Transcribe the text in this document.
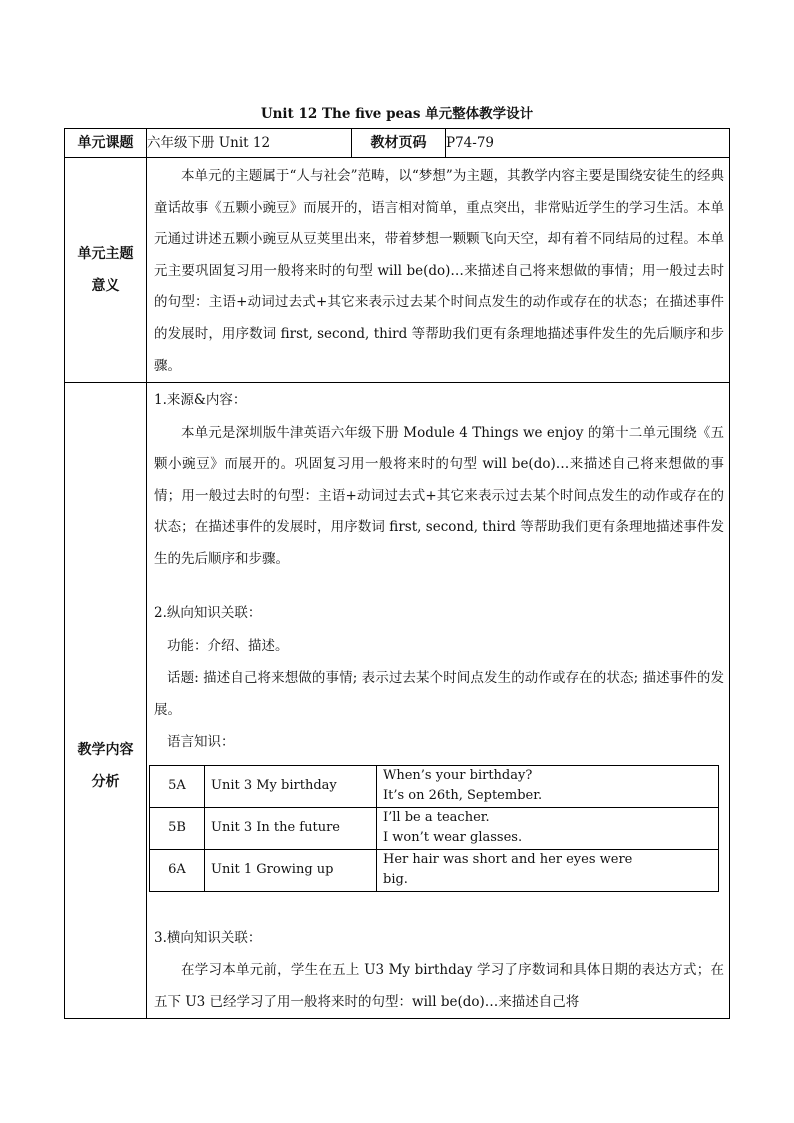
Unit 12 The five peas 单元整体教学设计
单元课题	六年级下册 Unit 12	教材页码	P74-79

单元主题
意义

本单元的主题属于“人与社会”范畴，以“梦想”为主题，其教学内容主要是围绕安徒生的经典童话故事《五颗小豌豆》而展开的，语言相对简单，重点突出，非常贴近学生的学习生活。本单元通过讲述五颗小豌豆从豆荚里出来，带着梦想一颗颗飞向天空，却有着不同结局的过程。本单元主要巩固复习用一般将来时的句型 will be(do)…来描述自己将来想做的事情；用一般过去时的句型：主语+动词过去式+其它来表示过去某个时间点发生的动作或存在的状态；在描述事件的发展时，用序数词 first, second, third 等帮助我们更有条理地描述事件发生的先后顺序和步骤。

教学内容
分析

1.来源&内容：
本单元是深圳版牛津英语六年级下册 Module 4 Things we enjoy 的第十二单元围绕《五颗小豌豆》而展开的。巩固复习用一般将来时的句型 will be(do)…来描述自己将来想做的事情；用一般过去时的句型：主语+动词过去式+其它来表示过去某个时间点发生的动作或存在的状态；在描述事件的发展时，用序数词 first, second, third 等帮助我们更有条理地描述事件发生的先后顺序和步骤。
2.纵向知识关联：
功能：介绍、描述。
话题: 描述自己将来想做的事情; 表示过去某个时间点发生的动作或存在的状态; 描述事件的发展。
语言知识：
5A	Unit 3 My birthday	
When’s your birthday?
It’s on 26th, September.

5B	Unit 3 In the future	
I’ll be a teacher.
I won’t wear glasses.

6A	Unit 1 Growing up	
Her hair was short and her eyes were
big.
3.横向知识关联：
在学习本单元前，学生在五上 U3 My birthday 学习了序数词和具体日期的表达方式；在五下 U3 已经学习了用一般将来时的句型：will be(do)…来描述自己将
